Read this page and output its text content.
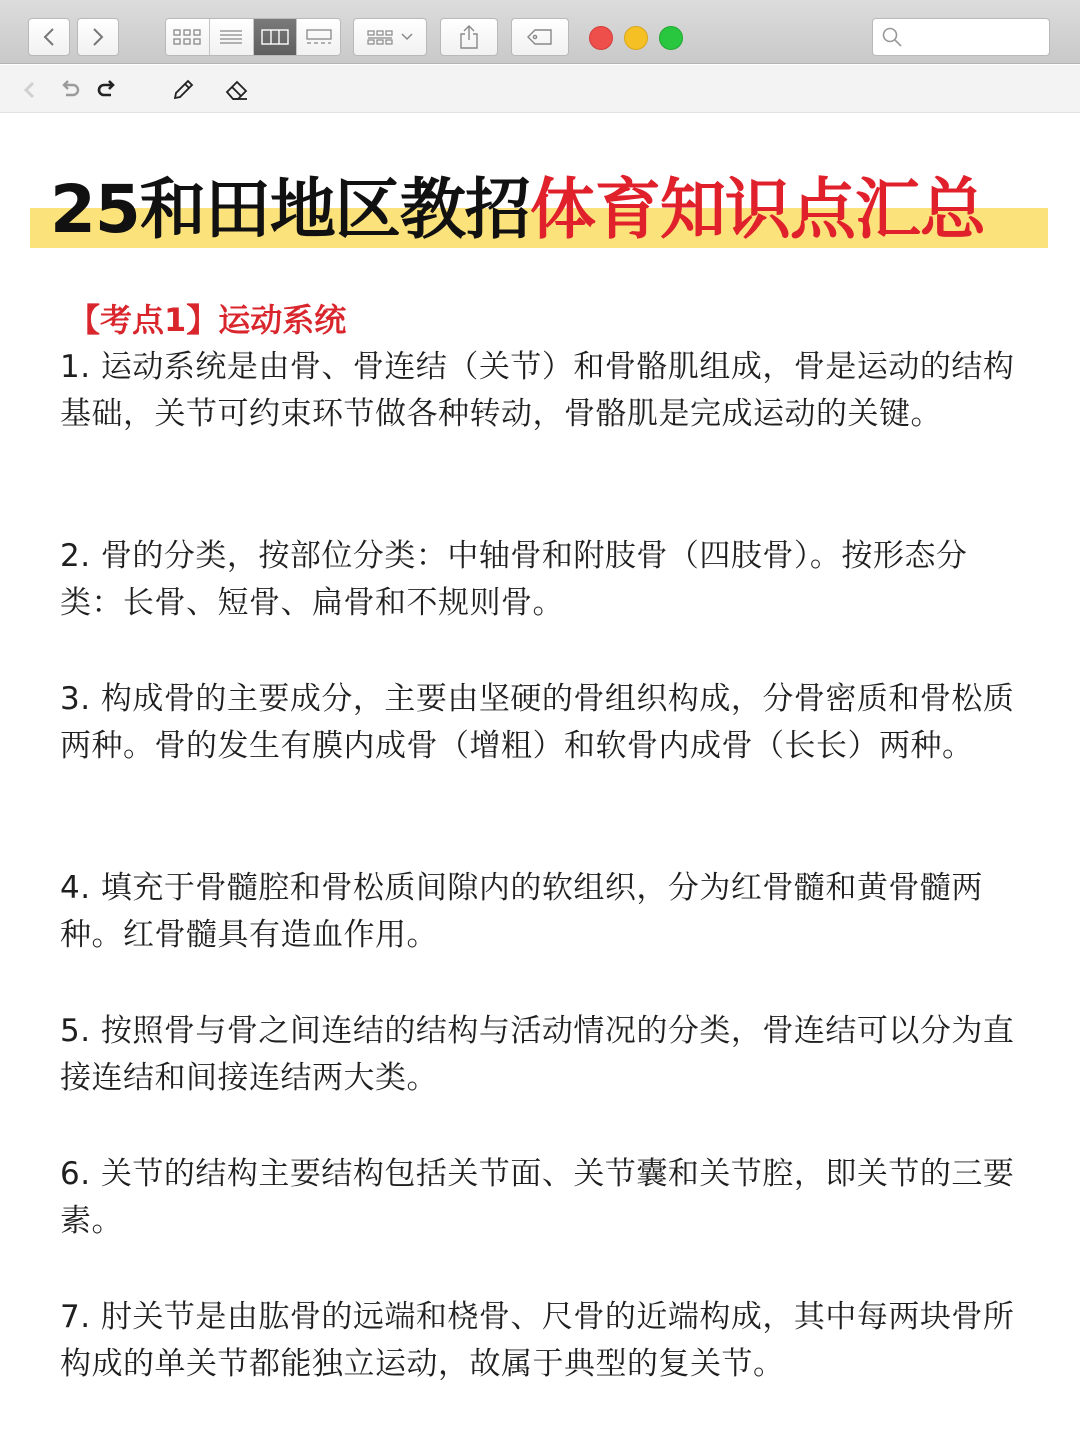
25和田地区教招体育知识点汇总
【考点1】运动系统
1. 运动系统是由骨、骨连结（关节）和骨骼肌组成，骨是运动的结构基础，关节可约束环节做各种转动，骨骼肌是完成运动的关键。
2. 骨的分类，按部位分类：中轴骨和附肢骨（四肢骨）。按形态分类：长骨、短骨、扁骨和不规则骨。
3. 构成骨的主要成分，主要由坚硬的骨组织构成，分骨密质和骨松质两种。骨的发生有膜内成骨（增粗）和软骨内成骨（长长）两种。
4. 填充于骨髓腔和骨松质间隙内的软组织，分为红骨髓和黄骨髓两种。红骨髓具有造血作用。
5. 按照骨与骨之间连结的结构与活动情况的分类，骨连结可以分为直接连结和间接连结两大类。
6. 关节的结构主要结构包括关节面、关节囊和关节腔，即关节的三要素。
7. 肘关节是由肱骨的远端和桡骨、尺骨的近端构成，其中每两块骨所构成的单关节都能独立运动，故属于典型的复关节。
